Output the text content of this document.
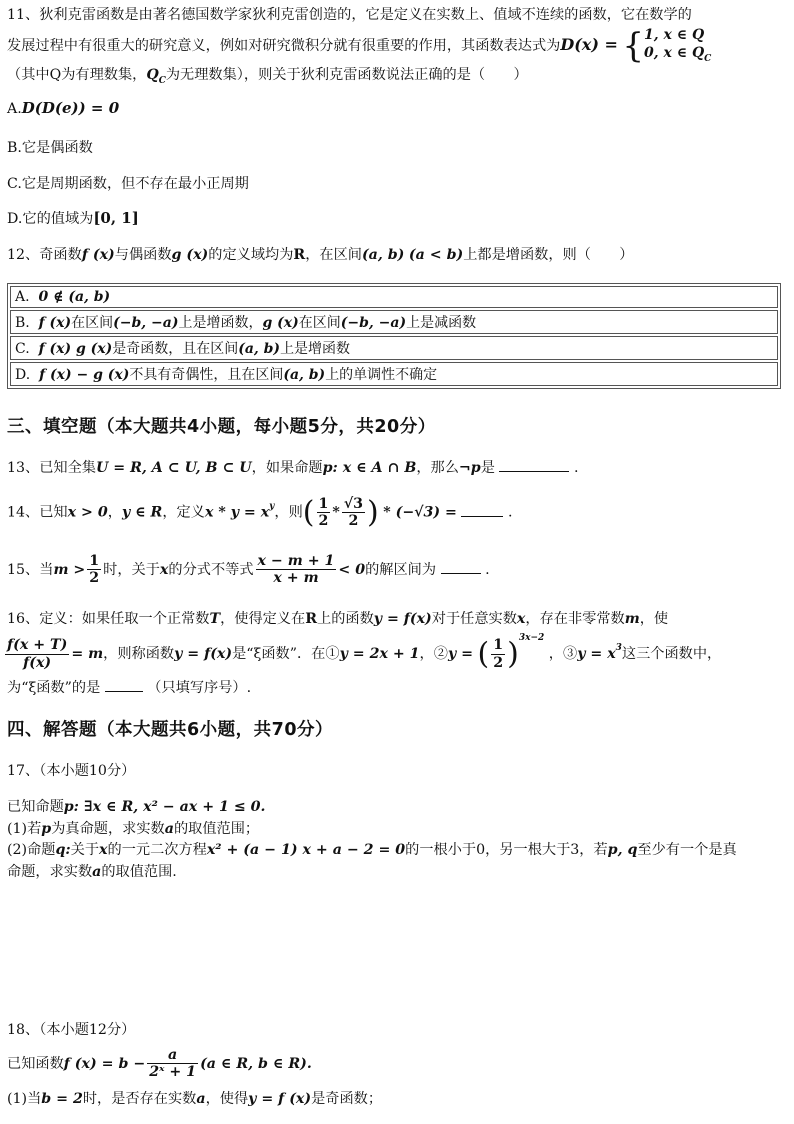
11、狄利克雷函数是由著名德国数学家狄利克雷创造的，它是定义在实数上、值域不连续的函数，它在数学的
发展过程中有很重大的研究意义，例如对研究微积分就有很重要的作用，其函数表达式为D(x) = {1, x ∈ Q
0, x ∈ $Q_C$
（其中Q为有理数集，$Q_C$为无理数集），则关于狄利克雷函数说法正确的是（　　）
A.D(D(e)) = 0
B.它是偶函数
C.它是周期函数，但不存在最小正周期
D.它的值域为[0, 1]
12、奇函数f (x)与偶函数g (x)的定义域均为R，在区间(a, b) (a < b)上都是增函数，则（　　）
A. 0 ∉ (a, b)
B. f (x)在区间(−b, −a)上是增函数，g (x)在区间(−b, −a)上是减函数
C. f (x) g (x)是奇函数，且在区间(a, b)上是增函数
D. f (x) − g (x)不具有奇偶性，且在区间(a, b)上的单调性不确定
三、填空题（本大题共4小题，每小题5分，共20分）
13、已知全集U = R, A ⊂ U, B ⊂ U，如果命题p: x ∈ A ∩ B，那么¬p是	.
14、已知x > 0，y ∈ R，定义$x * y = x^y$，则( $\frac{1}{2} * \frac{√3}{2}$ ) * (−√3) =	.
15、当$m > \frac{1}{2}$ 时，关于x的分式不等式 $\frac{x - m + 1}{x + m} < 0$的解区间为	.
16、定义：如果任取一个正常数T，使得定义在R上的函数y = f(x)对于任意实数x，存在非零常数m，使
$\frac{f(x + T)}{f(x)} = m$，则称函数y = f(x)是“ξ函数”．在①y = 2x + 1，②y = ( $\frac{1}{2} )^{3x-2}$ ，③y = $x^3$这三个函数中，
为“ξ函数”的是	（只填写序号）.
四、解答题（本大题共6小题，共70分）
17、（本小题10分）
已知命题p: ∃x ∈ R, x² − ax + 1 ≤ 0.
(1)若p为真命题，求实数a的取值范围；
(2)命题q:关于x的一元二次方程x² + (a − 1) x + a − 2 = 0的一根小于0，另一根大于3，若p, q至少有一个是真
命题，求实数a的取值范围.
18、（本小题12分）
已知函数f $(x) = b - \frac{a}{\text{2ˣ + 1}} (a$ ∈ R, b ∈ R).
(1)当b = 2时，是否存在实数a，使得y = f (x)是奇函数；
